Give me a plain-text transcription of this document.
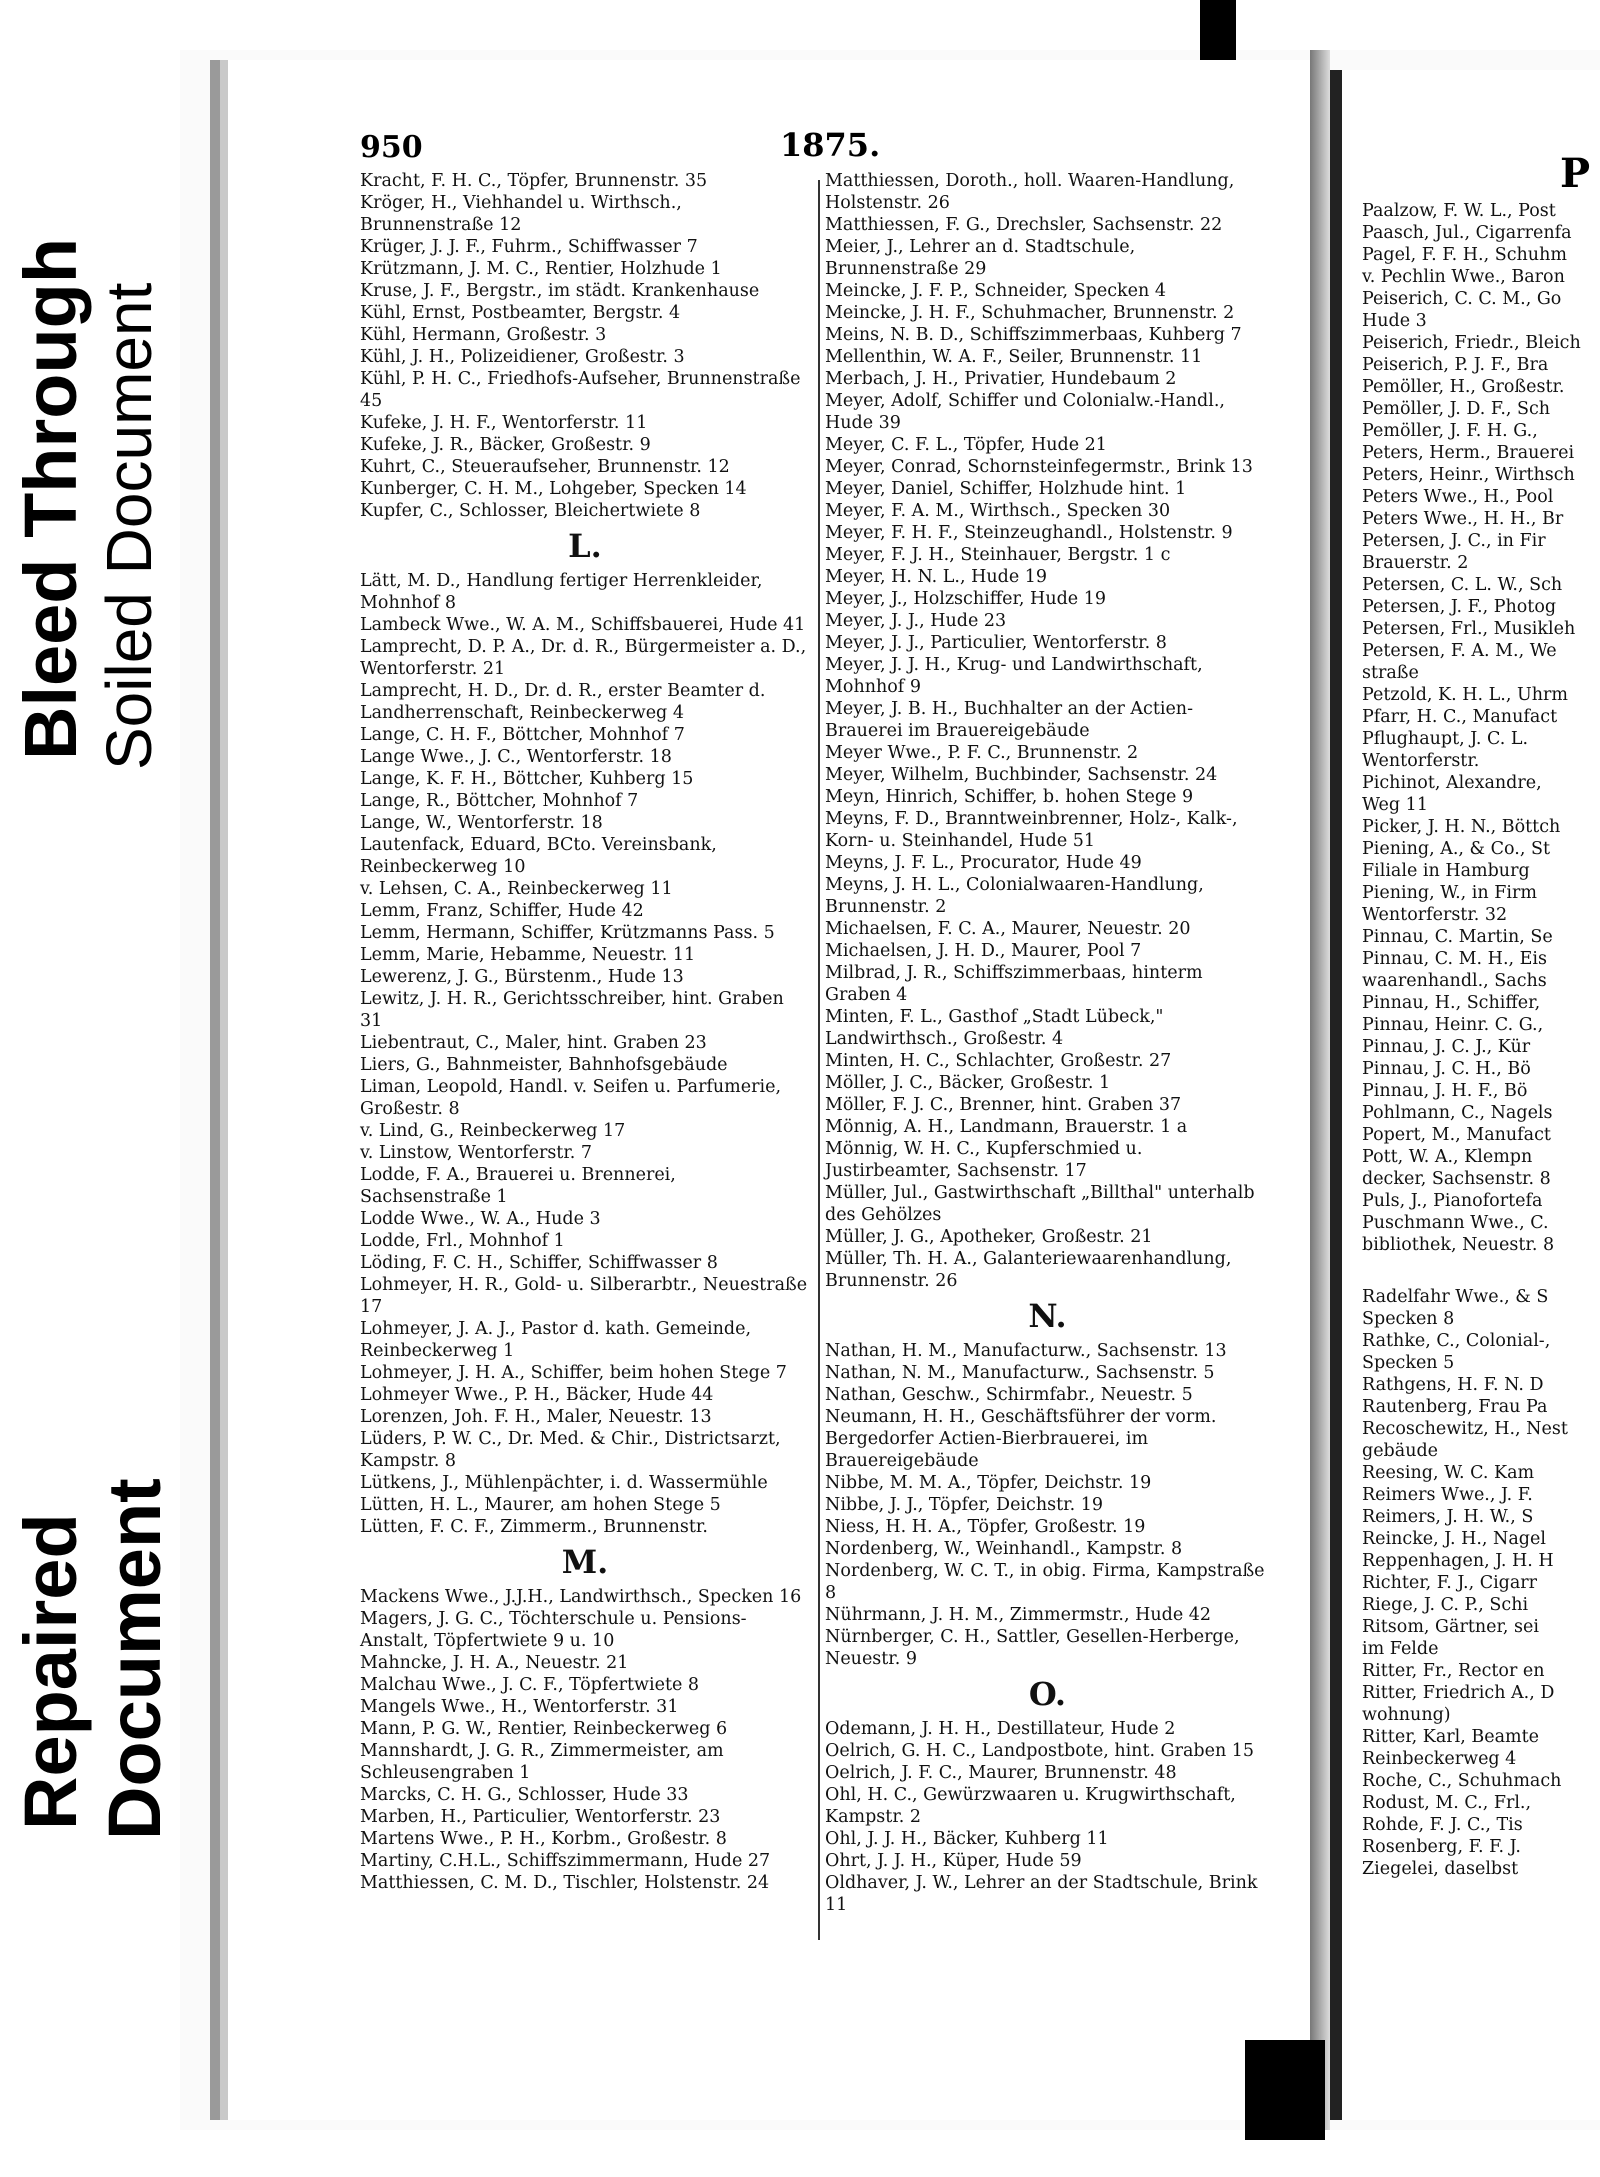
Bleed Through Soiled Document
Repaired Document
950	1875.
Kracht, F. H. C., Töpfer, Brunnenstr. 35
Kröger, H., Viehhandel u. Wirthsch., Brunnenstraße 12
Krüger, J. J. F., Fuhrm., Schiffwasser 7
Krützmann, J. M. C., Rentier, Holzhude 1
Kruse, J. F., Bergstr., im städt. Krankenhause
Kühl, Ernst, Postbeamter, Bergstr. 4
Kühl, Hermann, Großestr. 3
Kühl, J. H., Polizeidiener, Großestr. 3
Kühl, P. H. C., Friedhofs-Aufseher, Brunnenstraße 45
Kufeke, J. H. F., Wentorferstr. 11
Kufeke, J. R., Bäcker, Großestr. 9
Kuhrt, C., Steueraufseher, Brunnenstr. 12
Kunberger, C. H. M., Lohgeber, Specken 14
Kupfer, C., Schlosser, Bleichertwiete 8
L.
Lätt, M. D., Handlung fertiger Herrenkleider, Mohnhof 8
Lambeck Wwe., W. A. M., Schiffsbauerei, Hude 41
Lamprecht, D. P. A., Dr. d. R., Bürgermeister a. D., Wentorferstr. 21
Lamprecht, H. D., Dr. d. R., erster Beamter d. Landherrenschaft, Reinbeckerweg 4
Lange, C. H. F., Böttcher, Mohnhof 7
Lange Wwe., J. C., Wentorferstr. 18
Lange, K. F. H., Böttcher, Kuhberg 15
Lange, R., Böttcher, Mohnhof 7
Lange, W., Wentorferstr. 18
Lautenfack, Eduard, BCto. Vereinsbank, Reinbeckerweg 10
v. Lehsen, C. A., Reinbeckerweg 11
Lemm, Franz, Schiffer, Hude 42
Lemm, Hermann, Schiffer, Krützmanns Pass. 5
Lemm, Marie, Hebamme, Neuestr. 11
Lewerenz, J. G., Bürstenm., Hude 13
Lewitz, J. H. R., Gerichtsschreiber, hint. Graben 31
Liebentraut, C., Maler, hint. Graben 23
Liers, G., Bahnmeister, Bahnhofsgebäude
Liman, Leopold, Handl. v. Seifen u. Parfumerie, Großestr. 8
v. Lind, G., Reinbeckerweg 17
v. Linstow, Wentorferstr. 7
Lodde, F. A., Brauerei u. Brennerei, Sachsenstraße 1
Lodde Wwe., W. A., Hude 3
Lodde, Frl., Mohnhof 1
Löding, F. C. H., Schiffer, Schiffwasser 8
Lohmeyer, H. R., Gold- u. Silberarbtr., Neuestraße 17
Lohmeyer, J. A. J., Pastor d. kath. Gemeinde, Reinbeckerweg 1
Lohmeyer, J. H. A., Schiffer, beim hohen Stege 7
Lohmeyer Wwe., P. H., Bäcker, Hude 44
Lorenzen, Joh. F. H., Maler, Neuestr. 13
Lüders, P. W. C., Dr. Med. & Chir., Districtsarzt, Kampstr. 8
Lütkens, J., Mühlenpächter, i. d. Wassermühle
Lütten, H. L., Maurer, am hohen Stege 5
Lütten, F. C. F., Zimmerm., Brunnenstr.
M.
Mackens Wwe., J.J.H., Landwirthsch., Specken 16
Magers, J. G. C., Töchterschule u. Pensions-Anstalt, Töpfertwiete 9 u. 10
Mahncke, J. H. A., Neuestr. 21
Malchau Wwe., J. C. F., Töpfertwiete 8
Mangels Wwe., H., Wentorferstr. 31
Mann, P. G. W., Rentier, Reinbeckerweg 6
Mannshardt, J. G. R., Zimmermeister, am Schleusengraben 1
Marcks, C. H. G., Schlosser, Hude 33
Marben, H., Particulier, Wentorferstr. 23
Martens Wwe., P. H., Korbm., Großestr. 8
Martiny, C.H.L., Schiffszimmermann, Hude 27
Matthiessen, C. M. D., Tischler, Holstenstr. 24
Matthiessen, Doroth., holl. Waaren-Handlung, Holstenstr. 26
Matthiessen, F. G., Drechsler, Sachsenstr. 22
Meier, J., Lehrer an d. Stadtschule, Brunnenstraße 29
Meincke, J. F. P., Schneider, Specken 4
Meincke, J. H. F., Schuhmacher, Brunnenstr. 2
Meins, N. B. D., Schiffszimmerbaas, Kuhberg 7
Mellenthin, W. A. F., Seiler, Brunnenstr. 11
Merbach, J. H., Privatier, Hundebaum 2
Meyer, Adolf, Schiffer und Colonialw.-Handl., Hude 39
Meyer, C. F. L., Töpfer, Hude 21
Meyer, Conrad, Schornsteinfegermstr., Brink 13
Meyer, Daniel, Schiffer, Holzhude hint. 1
Meyer, F. A. M., Wirthsch., Specken 30
Meyer, F. H. F., Steinzeughandl., Holstenstr. 9
Meyer, F. J. H., Steinhauer, Bergstr. 1 c
Meyer, H. N. L., Hude 19
Meyer, J., Holzschiffer, Hude 19
Meyer, J. J., Hude 23
Meyer, J. J., Particulier, Wentorferstr. 8
Meyer, J. J. H., Krug- und Landwirthschaft, Mohnhof 9
Meyer, J. B. H., Buchhalter an der Actien-Brauerei im Brauereigebäude
Meyer Wwe., P. F. C., Brunnenstr. 2
Meyer, Wilhelm, Buchbinder, Sachsenstr. 24
Meyn, Hinrich, Schiffer, b. hohen Stege 9
Meyns, F. D., Branntweinbrenner, Holz-, Kalk-, Korn- u. Steinhandel, Hude 51
Meyns, J. F. L., Procurator, Hude 49
Meyns, J. H. L., Colonialwaaren-Handlung, Brunnenstr. 2
Michaelsen, F. C. A., Maurer, Neuestr. 20
Michaelsen, J. H. D., Maurer, Pool 7
Milbrad, J. R., Schiffszimmerbaas, hinterm Graben 4
Minten, F. L., Gasthof „Stadt Lübeck," Landwirthsch., Großestr. 4
Minten, H. C., Schlachter, Großestr. 27
Möller, J. C., Bäcker, Großestr. 1
Möller, F. J. C., Brenner, hint. Graben 37
Mönnig, A. H., Landmann, Brauerstr. 1 a
Mönnig, W. H. C., Kupferschmied u. Justirbeamter, Sachsenstr. 17
Müller, Jul., Gastwirthschaft „Billthal" unterhalb des Gehölzes
Müller, J. G., Apotheker, Großestr. 21
Müller, Th. H. A., Galanteriewaarenhandlung, Brunnenstr. 26
N.
Nathan, H. M., Manufacturw., Sachsenstr. 13
Nathan, N. M., Manufacturw., Sachsenstr. 5
Nathan, Geschw., Schirmfabr., Neuestr. 5
Neumann, H. H., Geschäftsführer der vorm. Bergedorfer Actien-Bierbrauerei, im Brauereigebäude
Nibbe, M. M. A., Töpfer, Deichstr. 19
Nibbe, J. J., Töpfer, Deichstr. 19
Niess, H. H. A., Töpfer, Großestr. 19
Nordenberg, W., Weinhandl., Kampstr. 8
Nordenberg, W. C. T., in obig. Firma, Kampstraße 8
Nührmann, J. H. M., Zimmermstr., Hude 42
Nürnberger, C. H., Sattler, Gesellen-Herberge, Neuestr. 9
O.
Odemann, J. H. H., Destillateur, Hude 2
Oelrich, G. H. C., Landpostbote, hint. Graben 15
Oelrich, J. F. C., Maurer, Brunnenstr. 48
Ohl, H. C., Gewürzwaaren u. Krugwirthschaft, Kampstr. 2
Ohl, J. J. H., Bäcker, Kuhberg 11
Ohrt, J. J. H., Küper, Hude 59
Oldhaver, J. W., Lehrer an der Stadtschule, Brink 11
Paalzow, F. W. L., Post
Paasch, Jul., Cigarrenfa
Pagel, F. F. H., Schuhm
v. Pechlin Wwe., Baron
Peiserich, C. C. M., Go
Hude 3
Peiserich, Friedr., Bleich
Peiserich, P. J. F., Bra
Pemöller, H., Großestr.
Pemöller, J. D. F., Sch
Pemöller, J. F. H. G.,
Peters, Herm., Brauerei
Peters, Heinr., Wirthsch
Peters Wwe., H., Pool
Peters Wwe., H. H., Br
Petersen, J. C., in Fir
Brauerstr. 2
Petersen, C. L. W., Sch
Petersen, J. F., Photog
Petersen, Frl., Musikleh
Petersen, F. A. M., We
straße
Petzold, K. H. L., Uhrm
Pfarr, H. C., Manufact
Pflughaupt, J. C. L.
Wentorferstr.
Pichinot, Alexandre,
Weg 11
Picker, J. H. N., Böttch
Piening, A., & Co., St
Filiale in Hamburg
Piening, W., in Firm
Wentorferstr. 32
Pinnau, C. Martin, Se
Pinnau, C. M. H., Eis
waarenhandl., Sachs
Pinnau, H., Schiffer,
Pinnau, Heinr. C. G.,
Pinnau, J. C. J., Kür
Pinnau, J. C. H., Bö
Pinnau, J. H. F., Bö
Pohlmann, C., Nagels
Popert, M., Manufact
Pott, W. A., Klempn
decker, Sachsenstr. 8
Puls, J., Pianofortefa
Puschmann Wwe., C.
bibliothek, Neuestr. 8
Radelfahr Wwe., & S
Specken 8
Rathke, C., Colonial-,
Specken 5
Rathgens, H. F. N. D
Rautenberg, Frau Pa
Recoschewitz, H., Nest
gebäude
Reesing, W. C. Kam
Reimers Wwe., J. F.
Reimers, J. H. W., S
Reincke, J. H., Nagel
Reppenhagen, J. H. H
Richter, F. J., Cigarr
Riege, J. C. P., Schi
Ritsom, Gärtner, sei
im Felde
Ritter, Fr., Rector en
Ritter, Friedrich A., D
wohnung)
Ritter, Karl, Beamte
Reinbeckerweg 4
Roche, C., Schuhmach
Rodust, M. C., Frl.,
Rohde, F. J. C., Tis
Rosenberg, F. F. J.
Ziegelei, daselbst
P
